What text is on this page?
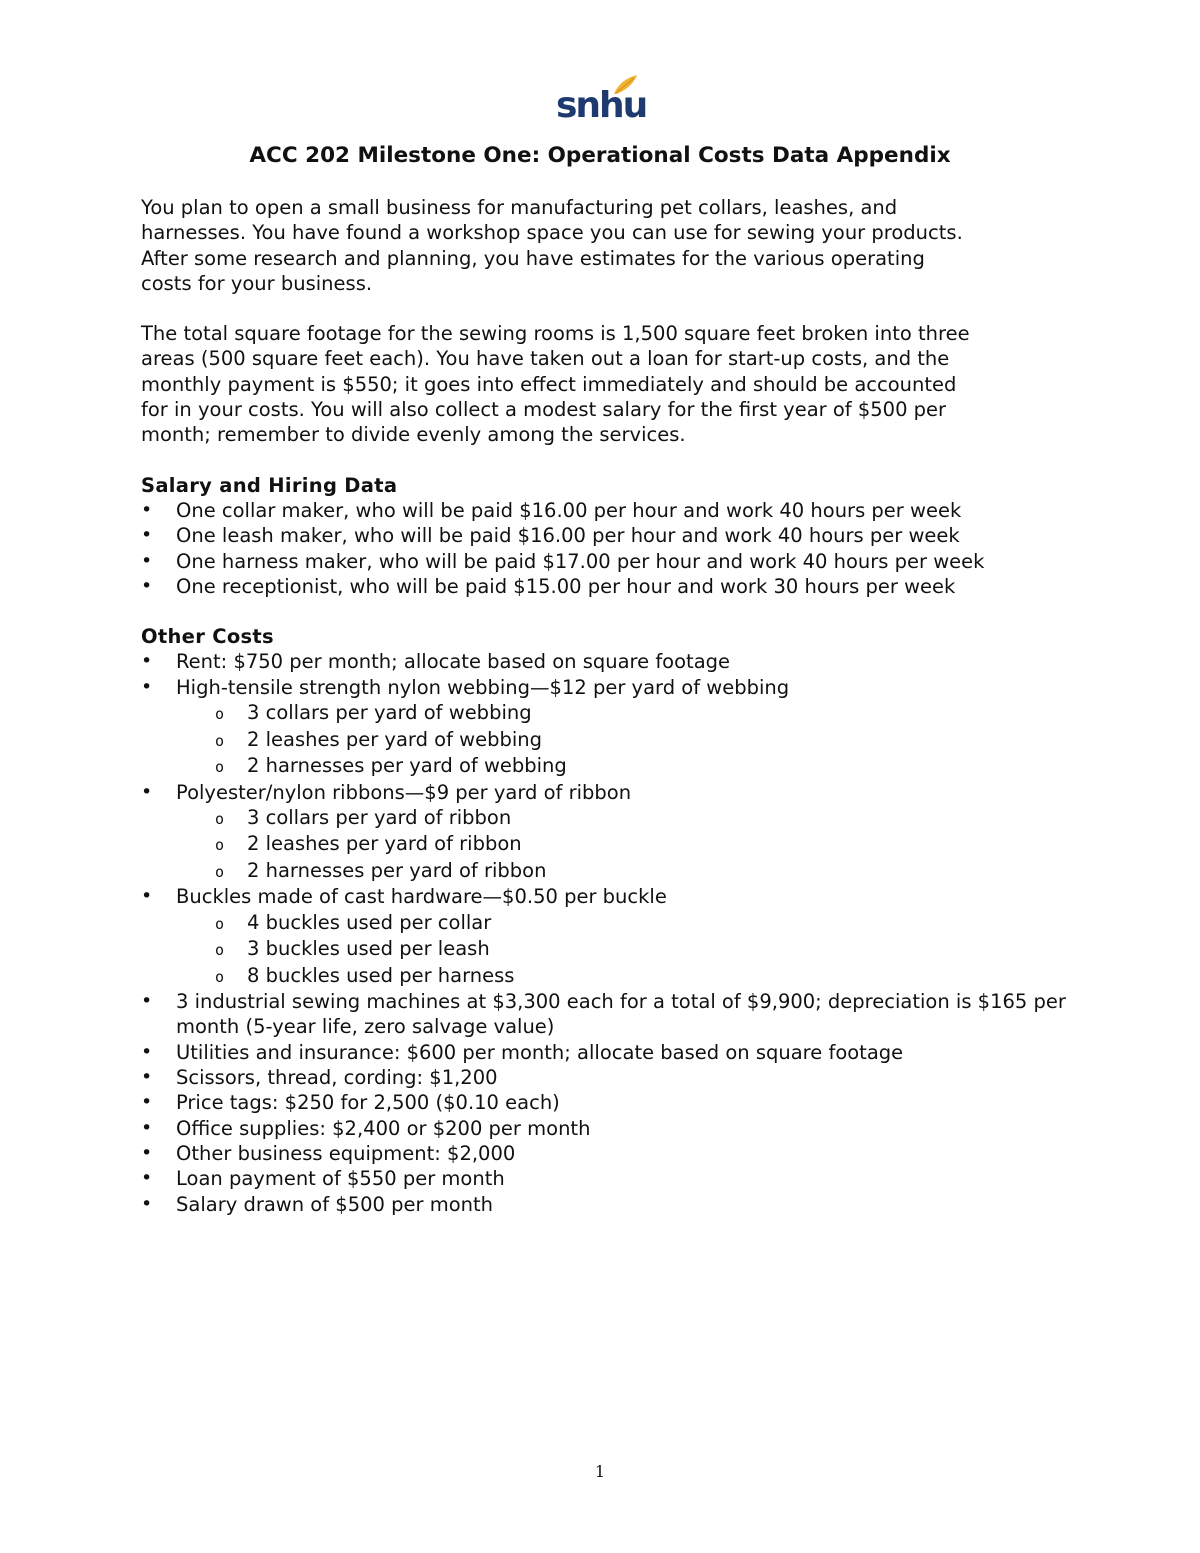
snhu
ACC 202 Milestone One: Operational Costs Data Appendix

You plan to open a small business for manufacturing pet collars, leashes, and
harnesses. You have found a workshop space you can use for sewing your products.
After some research and planning, you have estimates for the various operating
costs for your business.

The total square footage for the sewing rooms is 1,500 square feet broken into three
areas (500 square feet each). You have taken out a loan for start-up costs, and the
monthly payment is $550; it goes into effect immediately and should be accounted
for in your costs. You will also collect a modest salary for the first year of $500 per
month; remember to divide evenly among the services.

Salary and Hiring Data

• One collar maker, who will be paid $16.00 per hour and work 40 hours per week
• One leash maker, who will be paid $16.00 per hour and work 40 hours per week
• One harness maker, who will be paid $17.00 per hour and work 40 hours per week
• One receptionist, who will be paid $15.00 per hour and work 30 hours per week

Other Costs

• Rent: $750 per month; allocate based on square footage
• High-tensile strength nylon webbing—$12 per yard of webbing
o 3 collars per yard of webbing
o 2 leashes per yard of webbing
o 2 harnesses per yard of webbing
• Polyester/nylon ribbons—$9 per yard of ribbon
o 3 collars per yard of ribbon
o 2 leashes per yard of ribbon
o 2 harnesses per yard of ribbon
• Buckles made of cast hardware—$0.50 per buckle
o 4 buckles used per collar
o 3 buckles used per leash
o 8 buckles used per harness
• 3 industrial sewing machines at $3,300 each for a total of $9,900; depreciation is $165 per month (5-year life, zero salvage value)
• Utilities and insurance: $600 per month; allocate based on square footage
• Scissors, thread, cording: $1,200
• Price tags: $250 for 2,500 ($0.10 each)
• Office supplies: $2,400 or $200 per month
• Other business equipment: $2,000
• Loan payment of $550 per month
• Salary drawn of $500 per month
1
